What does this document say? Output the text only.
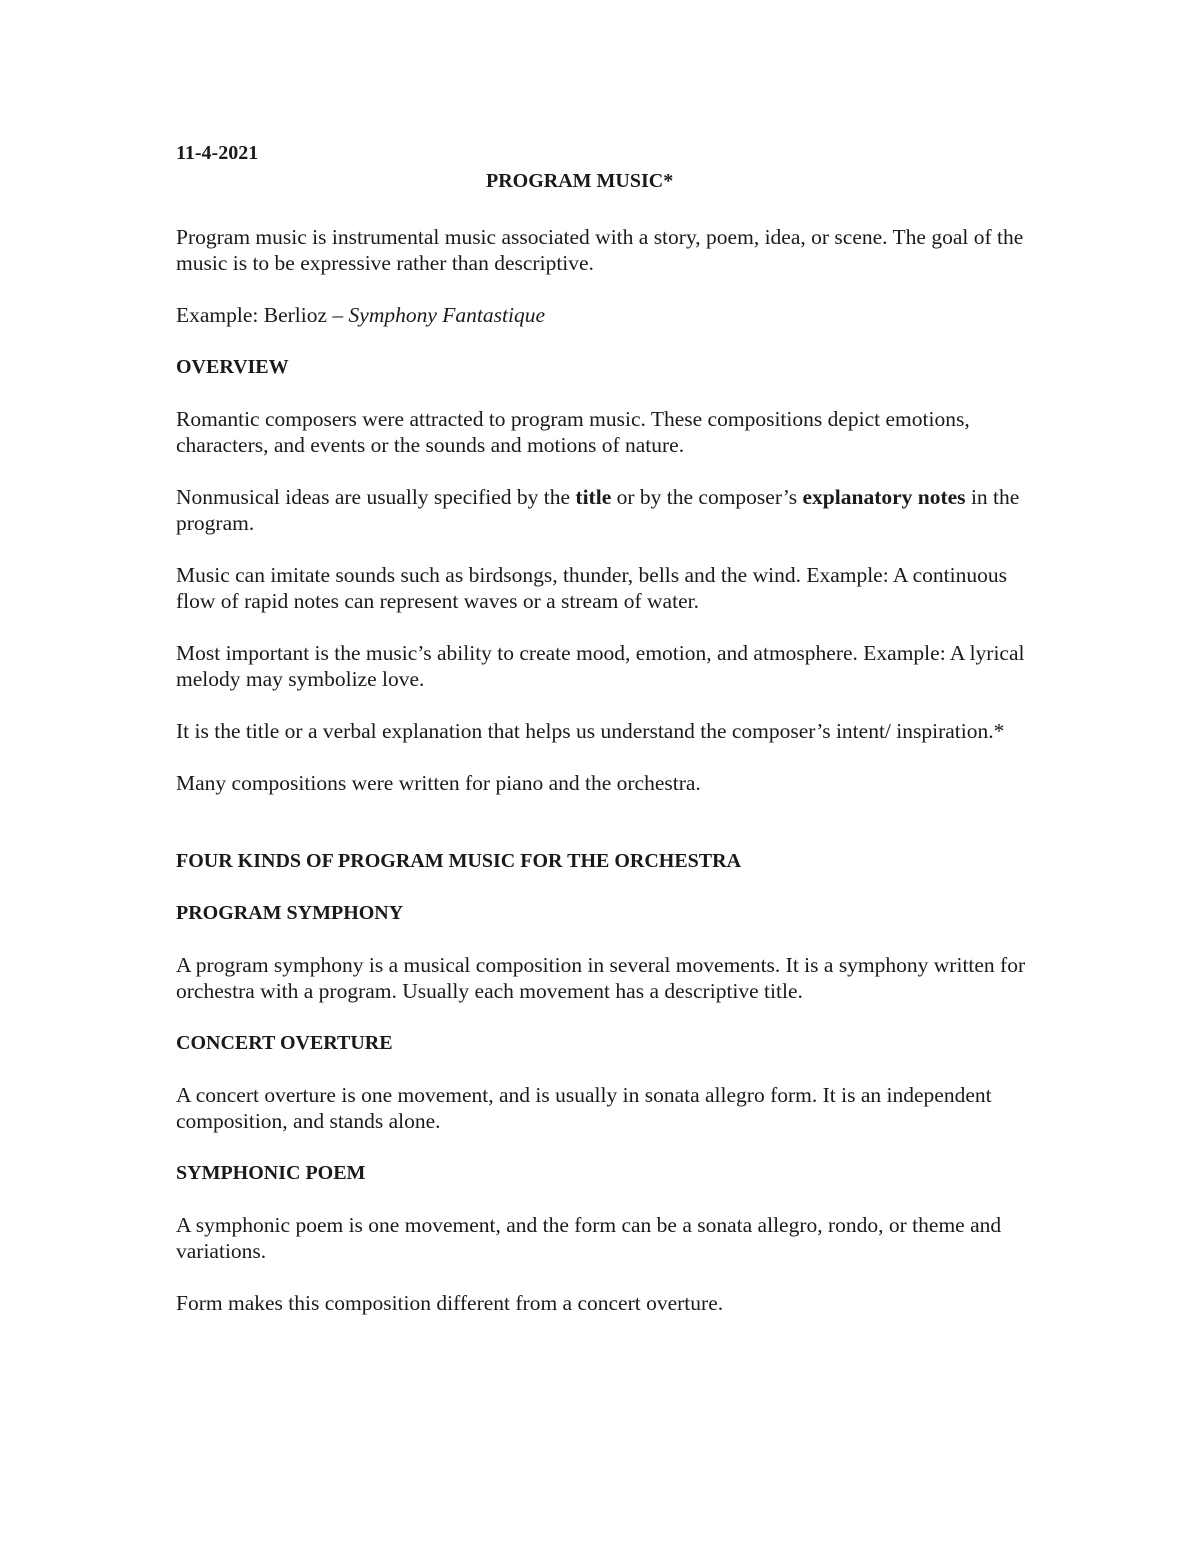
11-4-2021
PROGRAM MUSIC*

Program music is instrumental music associated with a story, poem, idea, or scene. The goal of the music is to be expressive rather than descriptive.

Example: Berlioz – Symphony Fantastique

OVERVIEW

Romantic composers were attracted to program music. These compositions depict emotions, characters, and events or the sounds and motions of nature.

Nonmusical ideas are usually specified by the title or by the composer’s explanatory notes in the program.

Music can imitate sounds such as birdsongs, thunder, bells and the wind. Example: A continuous flow of rapid notes can represent waves or a stream of water.

Most important is the music’s ability to create mood, emotion, and atmosphere. Example: A lyrical melody may symbolize love.

It is the title or a verbal explanation that helps us understand the composer’s intent/ inspiration.*

Many compositions were written for piano and the orchestra.

FOUR KINDS OF PROGRAM MUSIC FOR THE ORCHESTRA
PROGRAM SYMPHONY

A program symphony is a musical composition in several movements. It is a symphony written for orchestra with a program. Usually each movement has a descriptive title.

CONCERT OVERTURE

A concert overture is one movement, and is usually in sonata allegro form. It is an independent composition, and stands alone.

SYMPHONIC POEM

A symphonic poem is one movement, and the form can be a sonata allegro, rondo, or theme and variations.

Form makes this composition different from a concert overture.
